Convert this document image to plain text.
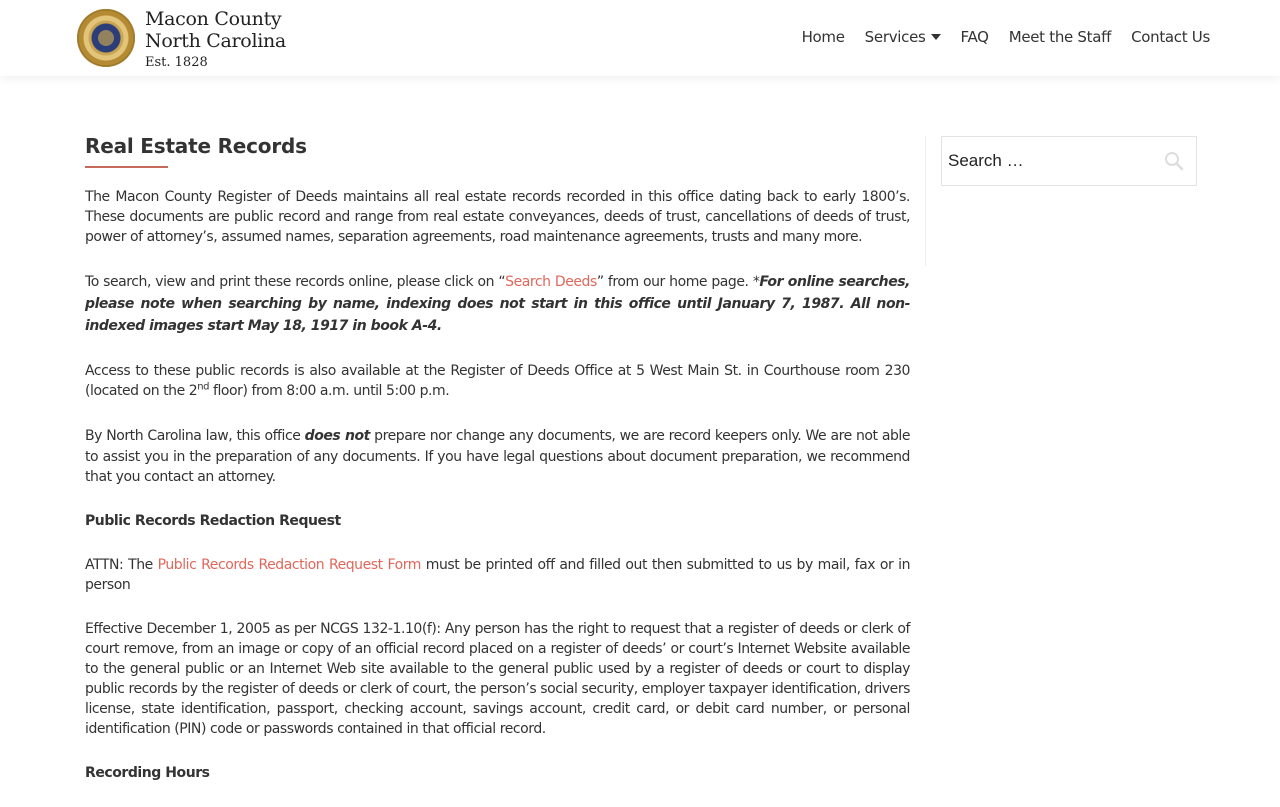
Macon County
North Carolina
Est. 1828
Home Services FAQ Meet the Staff Contact Us
Real Estate Records

The Macon County Register of Deeds maintains all real estate records recorded in this office dating back to early 1800’s. These documents are public record and range from real estate conveyances, deeds of trust, cancellations of deeds of trust, power of attorney’s, assumed names, separation agreements, road maintenance agreements, trusts and many more.

To search, view and print these records online, please click on “Search Deeds” from our home page. *For online searches, please note when searching by name, indexing does not start in this office until January 7, 1987. All non-indexed images start May 18, 1917 in book A-4.

Access to these public records is also available at the Register of Deeds Office at 5 West Main St. in Courthouse room 230 (located on the 2nd floor) from 8:00 a.m. until 5:00 p.m.

By North Carolina law, this office does not prepare nor change any documents, we are record keepers only. We are not able to assist you in the preparation of any documents. If you have legal questions about document preparation, we recommend that you contact an attorney.

Public Records Redaction Request

ATTN: The Public Records Redaction Request Form must be printed off and filled out then submitted to us by mail, fax or in person

Effective December 1, 2005 as per NCGS 132-1.10(f): Any person has the right to request that a register of deeds or clerk of court remove, from an image or copy of an official record placed on a register of deeds’ or court’s Internet Website available to the general public or an Internet Web site available to the general public used by a register of deeds or court to display public records by the register of deeds or clerk of court, the person’s social security, employer taxpayer identification, drivers license, state identification, passport, checking account, savings account, credit card, or debit card number, or personal identification (PIN) code or passwords contained in that official record.

Recording Hours

Search …
